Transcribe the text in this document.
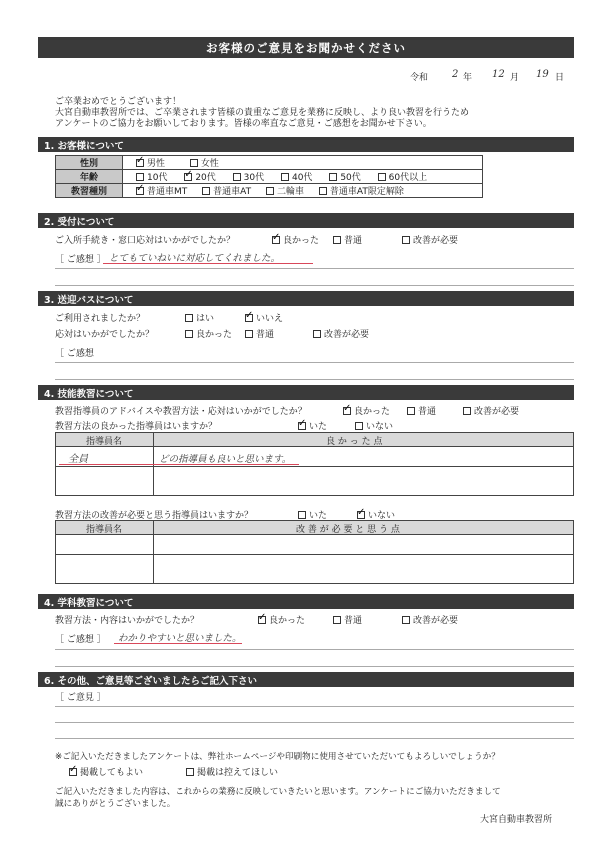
お客様のご意見をお聞かせください
令和 2 年 12 月 19 日
ご卒業おめでとうございます！
大宮自動車教習所では、ご卒業されます皆様の貴重なご意見を業務に反映し、より良い教習を行うため
アンケートのご協力をお願いしております。皆様の率直なご意見・ご感想をお聞かせ下さい。
1. お客様について
性別	✓男性 女性
年齢	10代 ✓ 20代 30代 40代 50代 60代以上
教習種別	✓普通車MT 普通車AT 二輪車 普通車AT限定解除
2. 受付について
ご入所手続き・窓口応対はいかがでしたか？ ✓	良かった	普通	改善が必要
［ ご感想 ］ とてもていねいに対応してくれました。
3. 送迎バスについて
ご利用されましたか？	はい ✓	いいえ
応対はいかがでしたか？	良かった	普通	改善が必要
［ ご感想
4. 技能教習について
教習指導員のアドバイスや教習方法・応対はいかがでしたか？ ✓	良かった	普通	改善が必要
教習方法の良かった指導員はいますか？ ✓	いた	いない
指導員名	良 か っ た 点
全員	どの指導員も良いと思います。
教習方法の改善が必要と思う指導員はいますか？	いた ✓	いない
指導員名	改 善 が 必 要 と 思 う 点
4. 学科教習について
教習方法・内容はいかがでしたか？ ✓	良かった	普通	改善が必要
［ ご感想 ］ わかりやすいと思いました。
6. その他、ご意見等ございましたらご記入下さい
［ ご意見 ］
※ご記入いただきましたアンケートは、弊社ホームページや印刷物に使用させていただいてもよろしいでしょうか？
✓掲載してもよい	掲載は控えてほしい
ご記入いただきました内容は、これからの業務に反映していきたいと思います。アンケートにご協力いただきまして
誠にありがとうございました。
大宮自動車教習所
